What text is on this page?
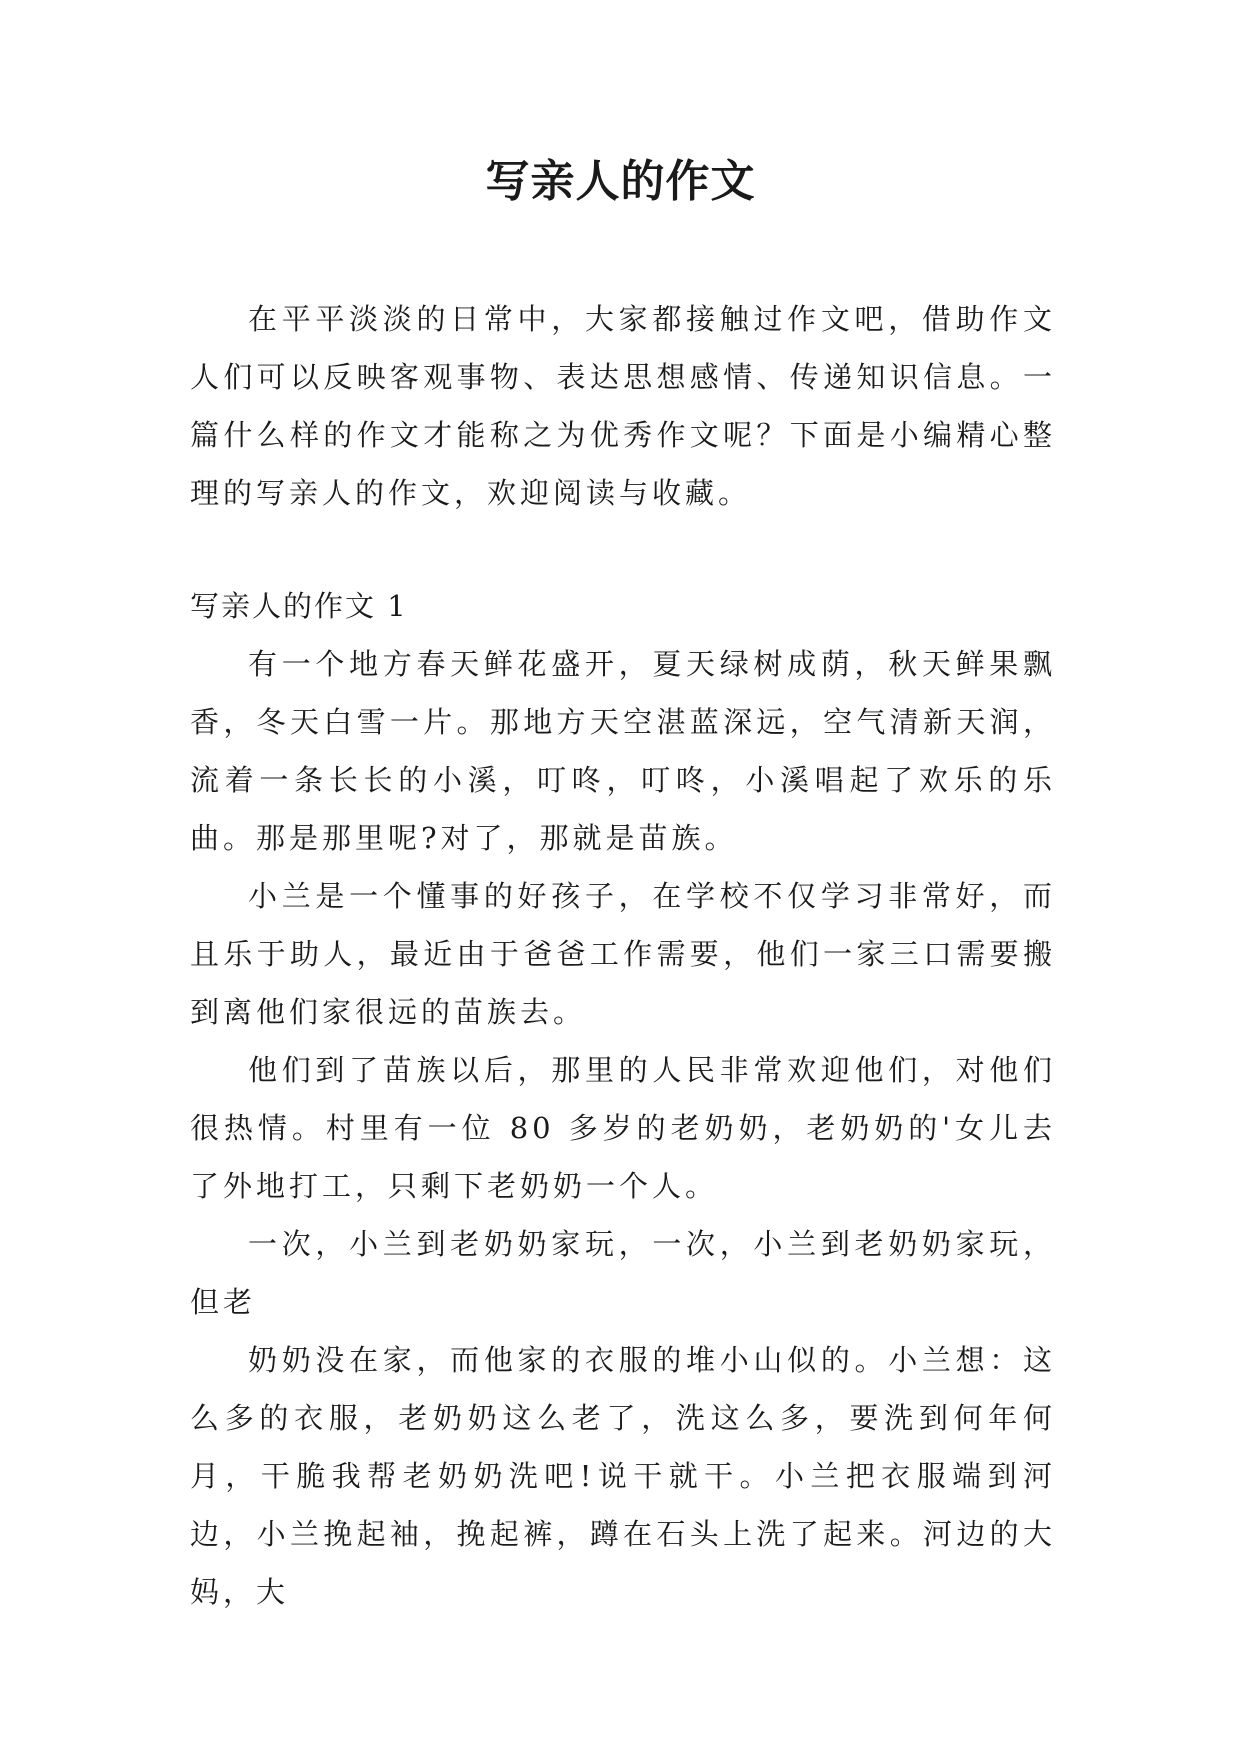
写亲人的作文

在平平淡淡的日常中，大家都接触过作文吧，借助作文人们可以反映客观事物、表达思想感情、传递知识信息。一篇什么样的作文才能称之为优秀作文呢？下面是小编精心整理的写亲人的作文，欢迎阅读与收藏。

写亲人的作文 1

有一个地方春天鲜花盛开，夏天绿树成荫，秋天鲜果飘香，冬天白雪一片。那地方天空湛蓝深远，空气清新天润，流着一条长长的小溪，叮咚，叮咚，小溪唱起了欢乐的乐曲。那是那里呢?对了，那就是苗族。

小兰是一个懂事的好孩子，在学校不仅学习非常好，而且乐于助人，最近由于爸爸工作需要，他们一家三口需要搬到离他们家很远的苗族去。

他们到了苗族以后，那里的人民非常欢迎他们，对他们很热情。村里有一位 80 多岁的老奶奶，老奶奶的'女儿去了外地打工，只剩下老奶奶一个人。

一次，小兰到老奶奶家玩，一次，小兰到老奶奶家玩，但老

奶奶没在家，而他家的衣服的堆小山似的。小兰想：这么多的衣服，老奶奶这么老了，洗这么多，要洗到何年何月，干脆我帮老奶奶洗吧!说干就干。小兰把衣服端到河边，小兰挽起袖，挽起裤，蹲在石头上洗了起来。河边的大妈，大
